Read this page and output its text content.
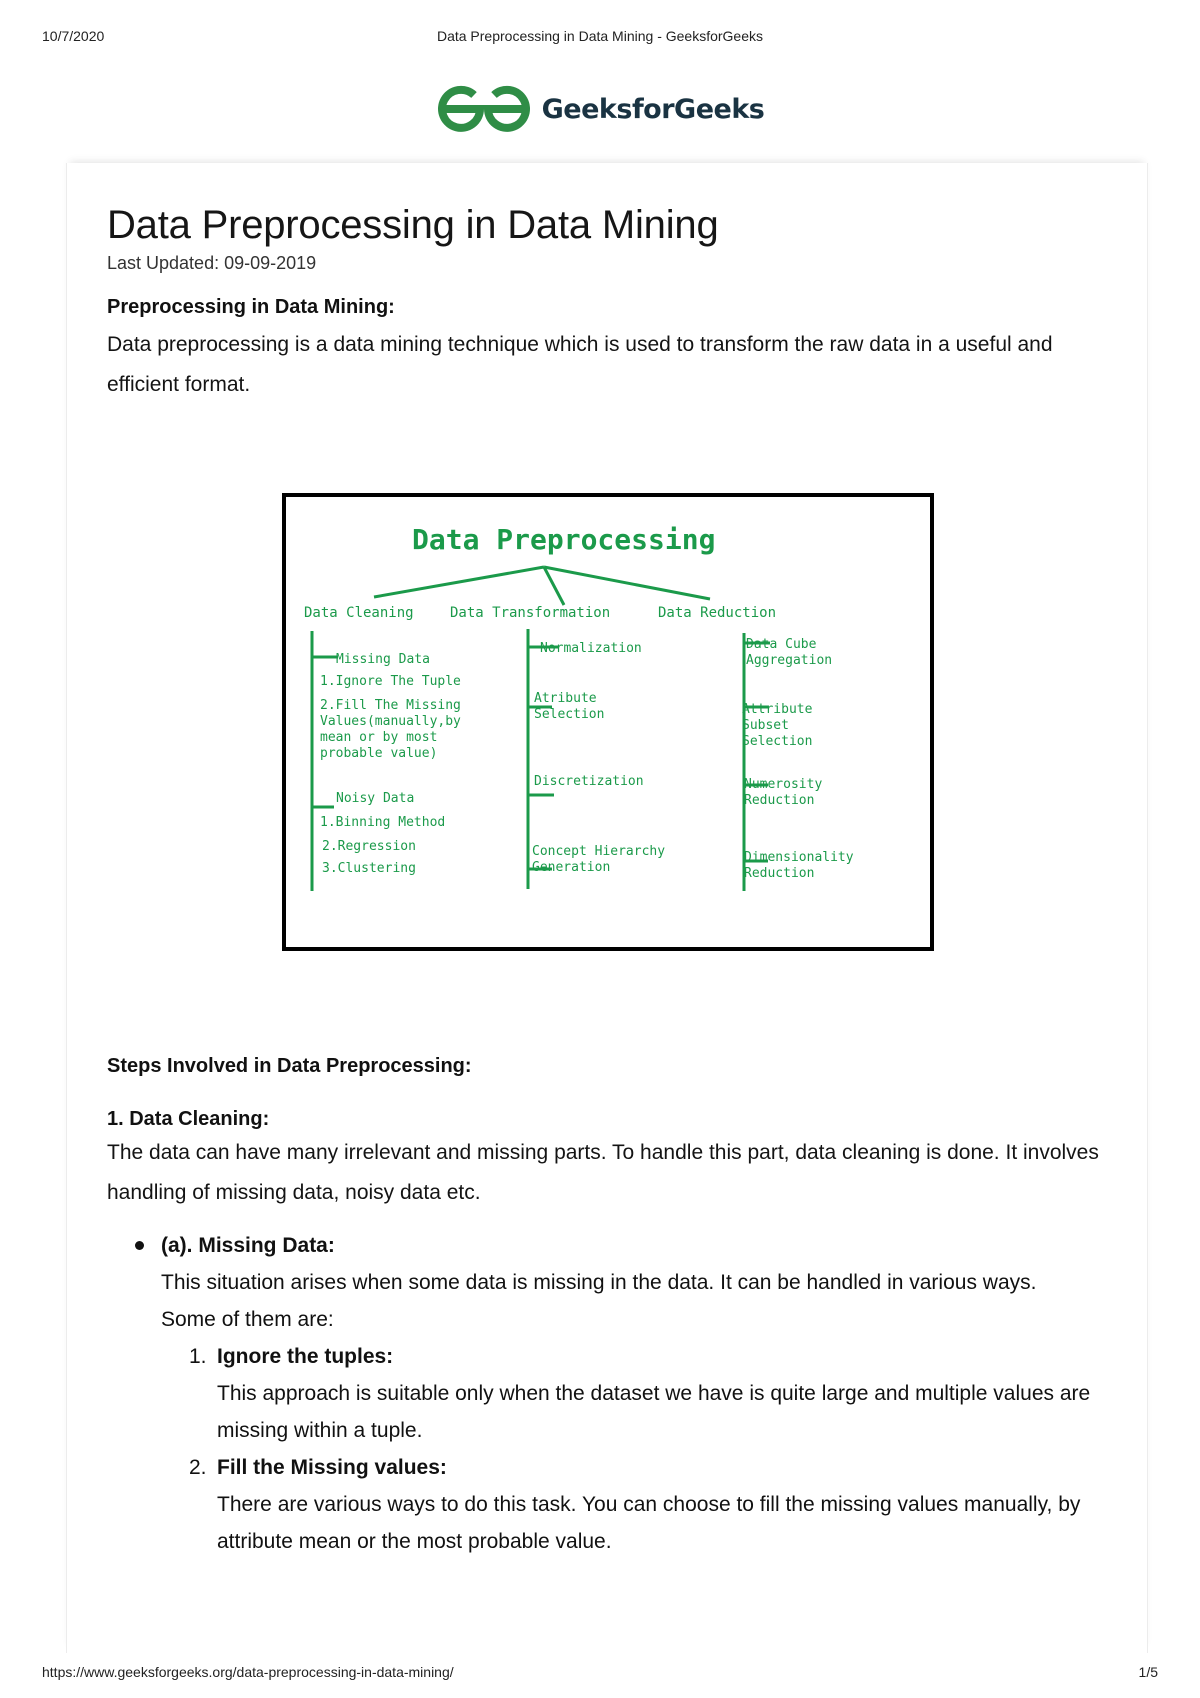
10/7/2020	Data Preprocessing in Data Mining - GeeksforGeeks
GeeksforGeeks
Data Preprocessing in Data Mining
Last Updated: 09-09-2019
Preprocessing in Data Mining:

Data preprocessing is a data mining technique which is used to transform the raw data in a useful and efficient format.

Data Preprocessing
Data Cleaning	Data Transformation	Data Reduction
Missing Data
1.Ignore The Tuple
2.Fill The Missing
Values(manually,by
mean or by most
probable value)
Noisy Data
1.Binning Method
2.Regression
3.Clustering
Normalization
Atribute
Selection
Discretization
Concept Hierarchy
Generation
Data Cube
Aggregation
Attribute
Subset
Selection
Numerosity
Reduction
Dimensionality
Reduction
Steps Involved in Data Preprocessing:
1. Data Cleaning:

The data can have many irrelevant and missing parts. To handle this part, data cleaning is done. It involves handling of missing data, noisy data etc.

(a). Missing Data:
This situation arises when some data is missing in the data. It can be handled in various ways.
Some of them are:
1. Ignore the tuples:
This approach is suitable only when the dataset we have is quite large and multiple values are missing within a tuple.
2. Fill the Missing values:
There are various ways to do this task. You can choose to fill the missing values manually, by attribute mean or the most probable value.
https://www.geeksforgeeks.org/data-preprocessing-in-data-mining/	1/5
